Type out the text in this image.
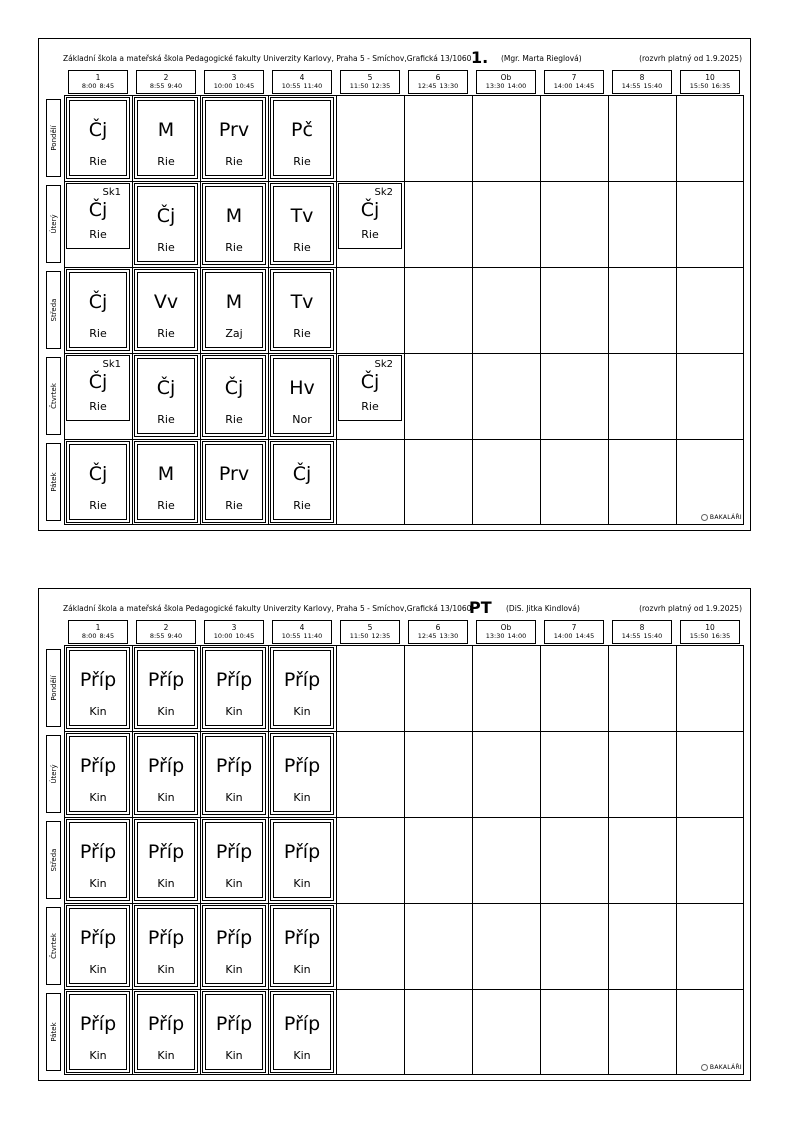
Základní škola a mateřská škola Pedagogické fakulty Univerzity Karlovy, Praha 5 - Smíchov,Grafická 13/1060 1. (Mgr. Marta Rieglová)	(rozvrh platný od 1.9.2025)
1
8:00 8:45
2
8:55 9:40
3
10:00 10:45
4
10:55 11:40
5
11:50 12:35
6
12:45 13:30
Ob
13:30 14:00
7
14:00 14:45
8
14:55 15:40
10
15:50 16:35
Pondělí
Úterý
Středa
Čtvrtek
Pátek
Čj
Rie
M
Rie
Prv
Rie
Pč
Rie
Sk1
Čj
Rie
Čj
Rie
M
Rie
Tv
Rie
Sk2
Čj
Rie
Čj
Rie
Vv
Rie
M
Zaj
Tv
Rie
Sk1
Čj
Rie
Čj
Rie
Čj
Rie
Hv
Nor
Sk2
Čj
Rie
Čj
Rie
M
Rie
Prv
Rie
Čj
Rie
BAKALÁŘI
Základní škola a mateřská škola Pedagogické fakulty Univerzity Karlovy, Praha 5 - Smíchov,Grafická 13/1060
PT (DiS. Jitka Kindlová)	(rozvrh platný od 1.9.2025)
1
8:00 8:45
2
8:55 9:40
3
10:00 10:45
4
10:55 11:40
5
11:50 12:35
6
12:45 13:30
Ob
13:30 14:00
7
14:00 14:45
8
14:55 15:40
10
15:50 16:35
Pondělí
Úterý
Středa
Čtvrtek
Pátek
Příp
Kin
Příp
Kin
Příp
Kin
Příp
Kin
Příp
Kin
Příp
Kin
Příp
Kin
Příp
Kin
Příp
Kin
Příp
Kin
Příp
Kin
Příp
Kin
Příp
Kin
Příp
Kin
Příp
Kin
Příp
Kin
Příp
Kin
Příp
Kin
Příp
Kin
Příp
Kin
BAKALÁŘI
